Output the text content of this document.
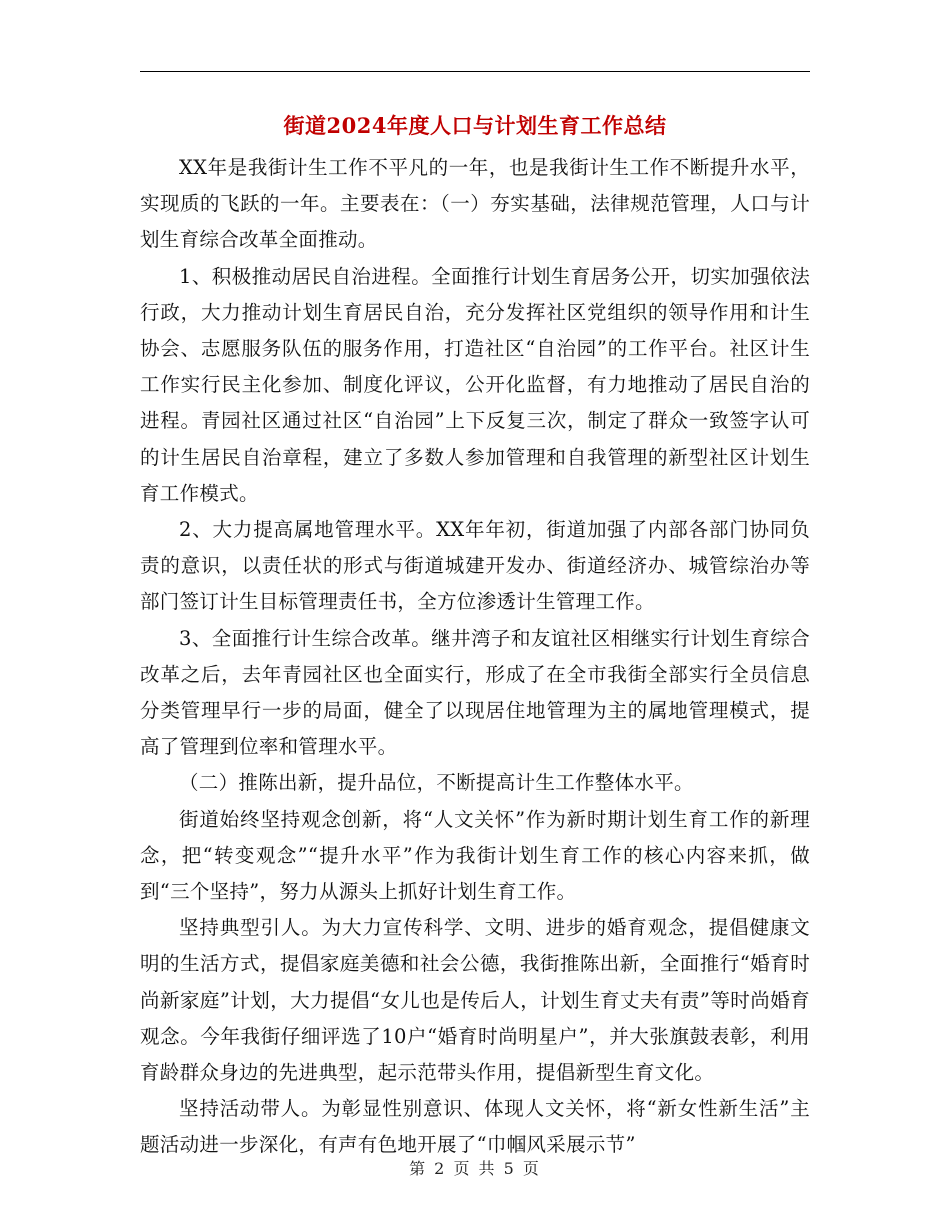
街道2024年度人口与计划生育工作总结

XX年是我街计生工作不平凡的一年，也是我街计生工作不断提升水平，实现质的飞跃的一年。主要表在：（一）夯实基础，法律规范管理，人口与计划生育综合改革全面推动。

1、积极推动居民自治进程。全面推行计划生育居务公开，切实加强依法行政，大力推动计划生育居民自治，充分发挥社区党组织的领导作用和计生协会、志愿服务队伍的服务作用，打造社区“自治园”的工作平台。社区计生工作实行民主化参加、制度化评议，公开化监督，有力地推动了居民自治的进程。青园社区通过社区“自治园”上下反复三次，制定了群众一致签字认可的计生居民自治章程，建立了多数人参加管理和自我管理的新型社区计划生育工作模式。

2、大力提高属地管理水平。XX年年初，街道加强了内部各部门协同负责的意识，以责任状的形式与街道城建开发办、街道经济办、城管综治办等部门签订计生目标管理责任书，全方位渗透计生管理工作。

3、全面推行计生综合改革。继井湾子和友谊社区相继实行计划生育综合改革之后，去年青园社区也全面实行，形成了在全市我街全部实行全员信息分类管理早行一步的局面，健全了以现居住地管理为主的属地管理模式，提高了管理到位率和管理水平。

（二）推陈出新，提升品位，不断提高计生工作整体水平。

街道始终坚持观念创新，将“人文关怀”作为新时期计划生育工作的新理念，把“转变观念”“提升水平”作为我街计划生育工作的核心内容来抓，做到“三个坚持”，努力从源头上抓好计划生育工作。

坚持典型引人。为大力宣传科学、文明、进步的婚育观念，提倡健康文明的生活方式，提倡家庭美德和社会公德，我街推陈出新，全面推行“婚育时尚新家庭”计划，大力提倡“女儿也是传后人，计划生育丈夫有责”等时尚婚育观念。今年我街仔细评选了10户“婚育时尚明星户”，并大张旗鼓表彰，利用育龄群众身边的先进典型，起示范带头作用，提倡新型生育文化。

坚持活动带人。为彰显性别意识、体现人文关怀，将“新女性新生活”主题活动进一步深化，有声有色地开展了“巾帼风采展示节”

第 2 页 共 5 页
